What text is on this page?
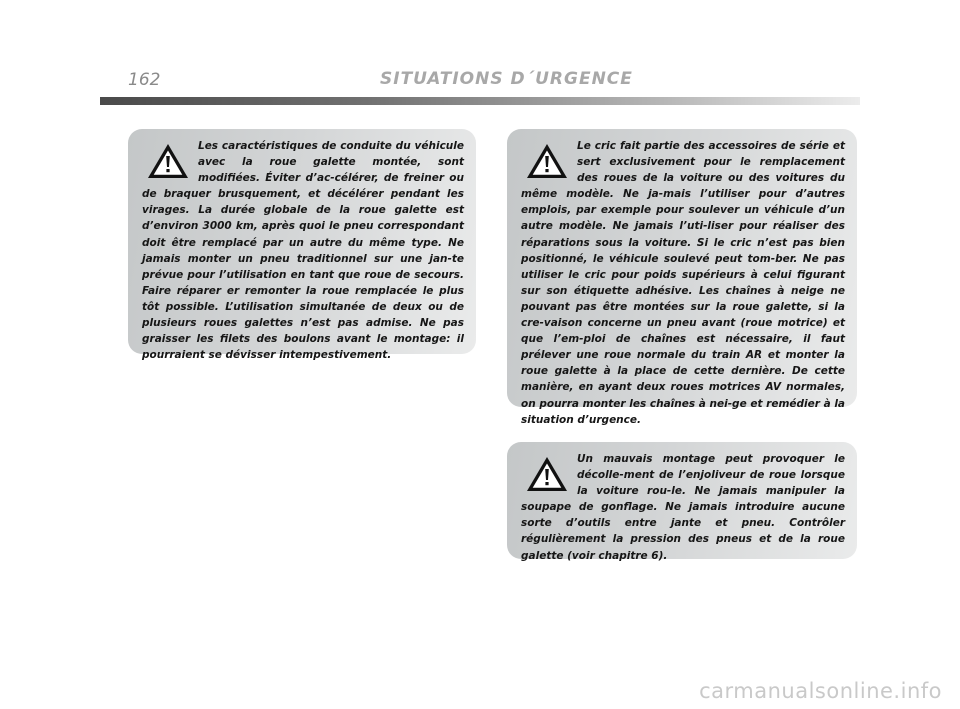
162	SITUATIONS D´URGENCE
Les caractéristiques de conduite du véhicule avec la roue galette montée, sont modifiées. Éviter d’ac-célérer, de freiner ou de braquer brusquement, et décélérer pendant les virages. La durée globale de la roue galette est d’environ 3000 km, après quoi le pneu correspondant doit être remplacé par un autre du même type. Ne jamais monter un pneu traditionnel sur une jan-te prévue pour l’utilisation en tant que roue de secours. Faire réparer er remonter la roue remplacée le plus tôt possible. L’utilisation simultanée de deux ou de plusieurs roues galettes n’est pas admise. Ne pas graisser les filets des boulons avant le montage: il pourraient se dévisser intempestivement.
Le cric fait partie des accessoires de série et sert exclusivement pour le remplacement des roues de la voiture ou des voitures du même modèle. Ne ja-mais l’utiliser pour d’autres emplois, par exemple pour soulever un véhicule d’un autre modèle. Ne jamais l’uti-liser pour réaliser des réparations sous la voiture. Si le cric n’est pas bien positionné, le véhicule soulevé peut tom-ber. Ne pas utiliser le cric pour poids supérieurs à celui figurant sur son étiquette adhésive. Les chaînes à neige ne pouvant pas être montées sur la roue galette, si la cre-vaison concerne un pneu avant (roue motrice) et que l’em-ploi de chaînes est nécessaire, il faut prélever une roue normale du train AR et monter la roue galette à la place de cette dernière. De cette manière, en ayant deux roues motrices AV normales, on pourra monter les chaînes à nei-ge et remédier à la situation d’urgence.
Un mauvais montage peut provoquer le décolle-ment de l’enjoliveur de roue lorsque la voiture rou-le. Ne jamais manipuler la soupape de gonflage. Ne jamais introduire aucune sorte d’outils entre jante et pneu. Contrôler régulièrement la pression des pneus et de la roue galette (voir chapitre 6).
carmanualsonline.info
